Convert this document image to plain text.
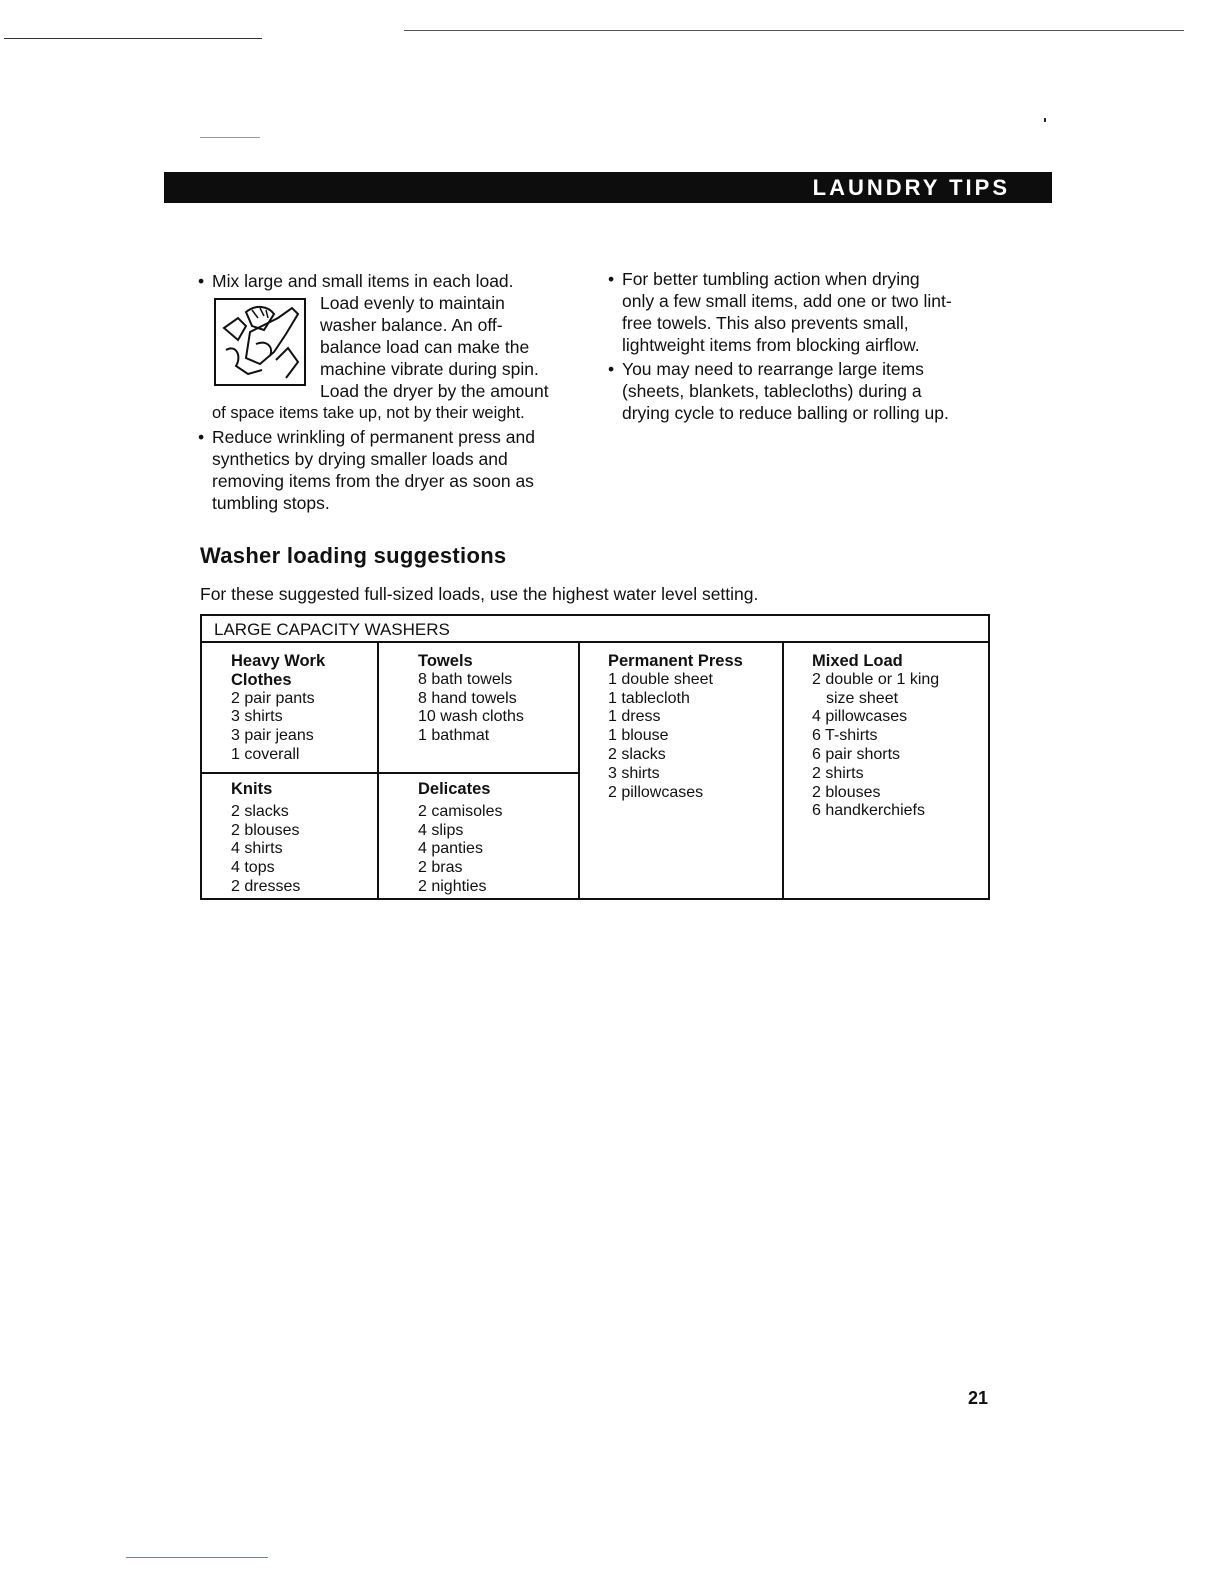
LAUNDRY TIPS
• Mix large and small items in each load.
Load evenly to maintain
washer balance. An off-
balance load can make the
machine vibrate during spin.
Load the dryer by the amount
of space items take up, not by their weight.
• Reduce wrinkling of permanent press and
synthetics by drying smaller loads and
removing items from the dryer as soon as
tumbling stops.
• For better tumbling action when drying
only a few small items, add one or two lint-
free towels. This also prevents small,
lightweight items from blocking airflow.
• You may need to rearrange large items
(sheets, blankets, tablecloths) during a
drying cycle to reduce balling or rolling up.
Washer loading suggestions

For these suggested full-sized loads, use the highest water level setting.

LARGE CAPACITY WASHERS
Heavy Work
Clothes
2 pair pants
3 shirts
3 pair jeans
1 coverall
Towels
8 bath towels
8 hand towels
10 wash cloths
1 bathmat
Permanent Press
1 double sheet
1 tablecloth
1 dress
1 blouse
2 slacks
3 shirts
2 pillowcases
Mixed Load
2 double or 1 king
size sheet
4 pillowcases
6 T-shirts
6 pair shorts
2 shirts
2 blouses
6 handkerchiefs
Knits
2 slacks
2 blouses
4 shirts
4 tops
2 dresses
Delicates
2 camisoles
4 slips
4 panties
2 bras
2 nighties
21
